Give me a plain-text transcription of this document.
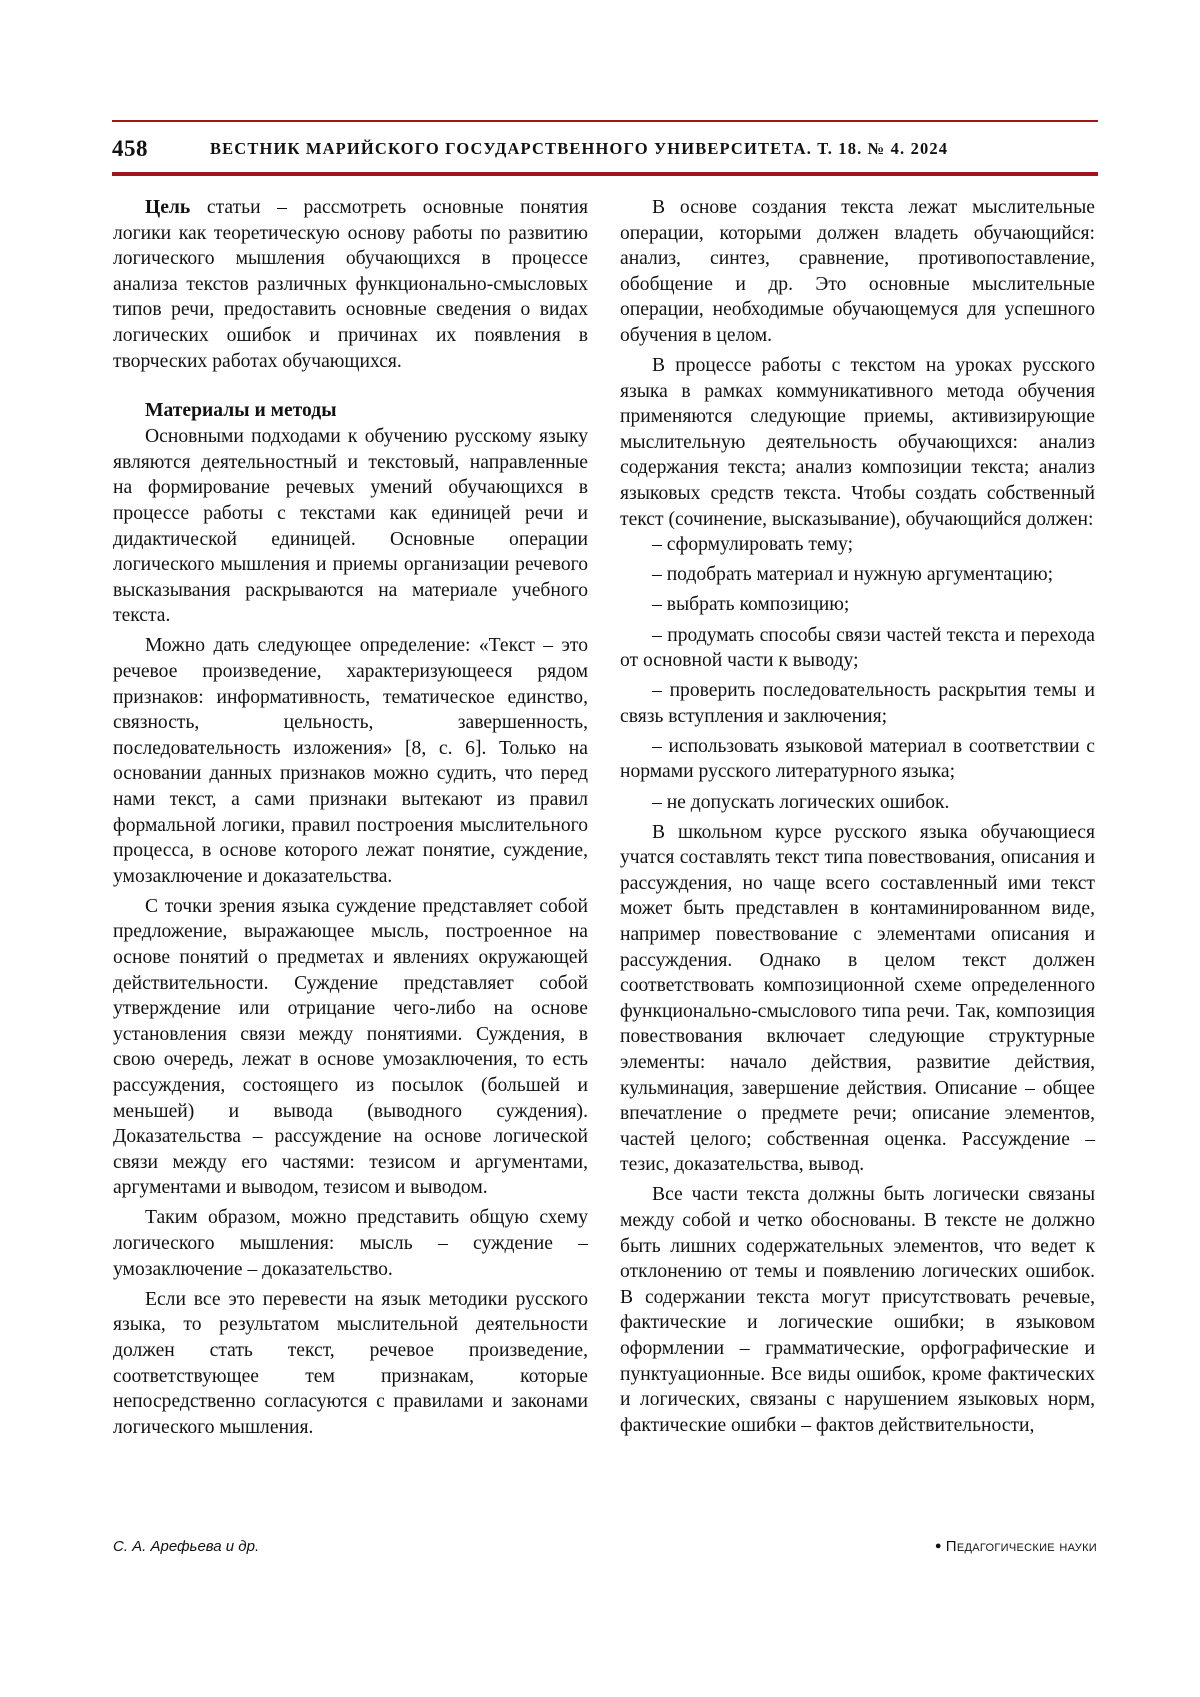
458	ВЕСТНИК МАРИЙСКОГО ГОСУДАРСТВЕННОГО УНИВЕРСИТЕТА. Т. 18. № 4. 2024

Цель статьи – рассмотреть основные понятия логики как теоретическую основу работы по развитию логического мышления обучающихся в процессе анализа текстов различных функционально-смысловых типов речи, предоставить основные сведения о видах логических ошибок и причинах их появления в творческих работах обучающихся.

Материалы и методы

Основными подходами к обучению русскому языку являются деятельностный и текстовый, направленные на формирование речевых умений обучающихся в процессе работы с текстами как единицей речи и дидактической единицей. Основные операции логического мышления и приемы организации речевого высказывания раскрываются на материале учебного текста.

Можно дать следующее определение: «Текст – это речевое произведение, характеризующееся рядом признаков: информативность, тематическое единство, связность, цельность, завершенность, последовательность изложения» [8, с. 6]. Только на основании данных признаков можно судить, что перед нами текст, а сами признаки вытекают из правил формальной логики, правил построения мыслительного процесса, в основе которого лежат понятие, суждение, умозаключение и доказательства.

С точки зрения языка суждение представляет собой предложение, выражающее мысль, построенное на основе понятий о предметах и явлениях окружающей действительности. Суждение представляет собой утверждение или отрицание чего-либо на основе установления связи между понятиями. Суждения, в свою очередь, лежат в основе умозаключения, то есть рассуждения, состоящего из посылок (большей и меньшей) и вывода (выводного суждения). Доказательства – рассуждение на основе логической связи между его частями: тезисом и аргументами, аргументами и выводом, тезисом и выводом.

Таким образом, можно представить общую схему логического мышления: мысль – суждение – умозаключение – доказательство.

Если все это перевести на язык методики русского языка, то результатом мыслительной деятельности должен стать текст, речевое произведение, соответствующее тем признакам, которые непосредственно согласуются с правилами и законами логического мышления.

В основе создания текста лежат мыслительные операции, которыми должен владеть обучающийся: анализ, синтез, сравнение, противопоставление, обобщение и др. Это основные мыслительные операции, необходимые обучающемуся для успешного обучения в целом.

В процессе работы с текстом на уроках русского языка в рамках коммуникативного метода обучения применяются следующие приемы, активизирующие мыслительную деятельность обучающихся: анализ содержания текста; анализ композиции текста; анализ языковых средств текста. Чтобы создать собственный текст (сочинение, высказывание), обучающийся должен:

– сформулировать тему;

– подобрать материал и нужную аргументацию;

– выбрать композицию;

– продумать способы связи частей текста и перехода от основной части к выводу;

– проверить последовательность раскрытия темы и связь вступления и заключения;

– использовать языковой материал в соответствии с нормами русского литературного языка;

– не допускать логических ошибок.

В школьном курсе русского языка обучающиеся учатся составлять текст типа повествования, описания и рассуждения, но чаще всего составленный ими текст может быть представлен в контаминированном виде, например повествование с элементами описания и рассуждения. Однако в целом текст должен соответствовать композиционной схеме определенного функционально-смыслового типа речи. Так, композиция повествования включает следующие структурные элементы: начало действия, развитие действия, кульминация, завершение действия. Описание – общее впечатление о предмете речи; описание элементов, частей целого; собственная оценка. Рассуждение – тезис, доказательства, вывод.

Все части текста должны быть логически связаны между собой и четко обоснованы. В тексте не должно быть лишних содержательных элементов, что ведет к отклонению от темы и появлению логических ошибок. В содержании текста могут присутствовать речевые, фактические и логические ошибки; в языковом оформлении – грамматические, орфографические и пунктуационные. Все виды ошибок, кроме фактических и логических, связаны с нарушением языковых норм, фактические ошибки – фактов действительности,

С. А. Арефьева и др.	● Педагогические науки
